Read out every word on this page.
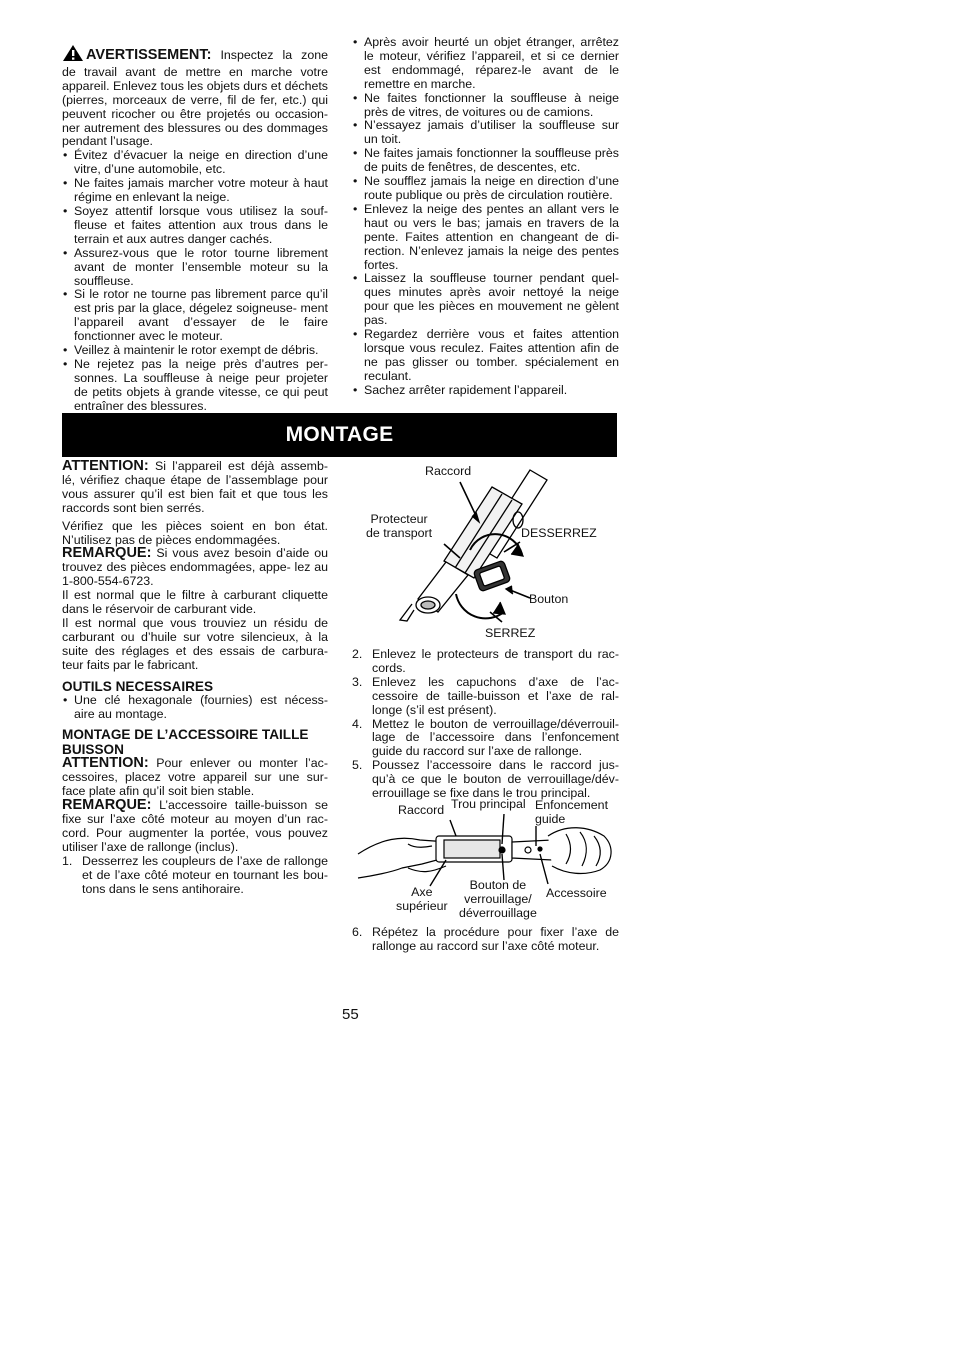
AVERTISSEMENT: Inspectez la zone de travail avant de mettre en marche votre appareil. Enlevez tous les objets durs et déchets (pierres, morceaux de verre, fil de fer, etc.) qui peuvent ricocher ou être projetés ou occasion- ner autrement des blessures ou des dommages pendant l’usage.

• Évitez d’évacuer la neige en direction d’une vitre, d’une automobile, etc.
• Ne faites jamais marcher votre moteur à haut régime en enlevant la neige.
• Soyez attentif lorsque vous utilisez la souf- fleuse et faites attention aux trous dans le terrain et aux autres danger cachés.
• Assurez-vous que le rotor tourne librement avant de monter l’ensemble moteur su la souffleuse.
• Si le rotor ne tourne pas librement parce qu’il est pris par la glace, dégelez soigneuse- ment l’appareil avant d’essayer de le faire fonctionner avec le moteur.
• Veillez à maintenir le rotor exempt de débris.
• Ne rejetez pas la neige près d’autres per- sonnes. La souffleuse à neige peur projeter de petits objets à grande vitesse, ce qui peut entraîner des blessures.
• Après avoir heurté un objet étranger, arrêtez le moteur, vérifiez l’appareil, et si ce dernier est endommagé, réparez-le avant de le remettre en marche.
• Ne faites fonctionner la souffleuse à neige près de vitres, de voitures ou de camions.
• N’essayez jamais d’utiliser la souffleuse sur un toit.
• Ne faites jamais fonctionner la souffleuse près de puits de fenêtres, de descentes, etc.
• Ne soufflez jamais la neige en direction d’une route publique ou près de circulation routière.
• Enlevez la neige des pentes an allant vers le haut ou vers le bas; jamais en travers de la pente. Faites attention en changeant de di- rection. N’enlevez jamais la neige des pentes fortes.
• Laissez la souffleuse tourner pendant quel- ques minutes après avoir nettoyé la neige pour que les pièces en mouvement ne gèlent pas.
• Regardez derrière vous et faites attention lorsque vous reculez. Faites attention afin de ne pas glisser ou tomber. spécialement en reculant.
• Sachez arrêter rapidement l’appareil.
MONTAGE

ATTENTION: Si l’appareil est déjà assemb- lé, vérifiez chaque étape de l’assemblage pour vous assurer qu’il est bien fait et que tous les raccords sont bien serrés.

Vérifiez que les pièces soient en bon état. N’utilisez pas de pièces endommagées.

REMARQUE: Si vous avez besoin d’aide ou trouvez des pièces endommagées, appe- lez au 1-800-554-6723.

Il est normal que le filtre à carburant cliquette dans le réservoir de carburant vide.

Il est normal que vous trouviez un résidu de carburant ou d’huile sur votre silencieux, à la suite des réglages et des essais de carbura- teur faits par le fabricant.

OUTILS NECESSAIRES
• Une clé hexagonale (fournies) est nécess- aire au montage.
MONTAGE DE L’ACCESSOIRE TAILLE BUISSON

ATTENTION: Pour enlever ou monter l’ac- cessoires, placez votre appareil sur une sur- face plate afin qu’il soit bien stable.

REMARQUE: L’accessoire taille-buisson se fixe sur l’axe côté moteur au moyen d’un rac- cord. Pour augmenter la portée, vous pouvez utiliser l’axe de rallonge (inclus).

1. Desserrez les coupleurs de l’axe de rallonge et de l’axe côté moteur en tournant les bou- tons dans le sens antihoraire.
Raccord
Protecteur
de transport	DESSERREZ
Bouton
SERREZ
2. Enlevez le protecteurs de transport du rac- cords.
3. Enlevez les capuchons d’axe de l’ac- cessoire de taille-buisson et l’axe de ral- longe (s’il est présent).
4. Mettez le bouton de verrouillage/déverrouil- lage de l’accessoire dans l’enfoncement guide du raccord sur l’axe de rallonge.
5. Poussez l’accessoire dans le raccord jus- qu’à ce que le bouton de verrouillage/dév- errouillage se fixe dans le trou principal.
Raccord Trou principal Enfoncement
guide
Axe
supérieur
Bouton de
verrouillage/
déverrouillage
Accessoire
6. Répétez la procédure pour fixer l’axe de rallonge au raccord sur l’axe côté moteur.
55
